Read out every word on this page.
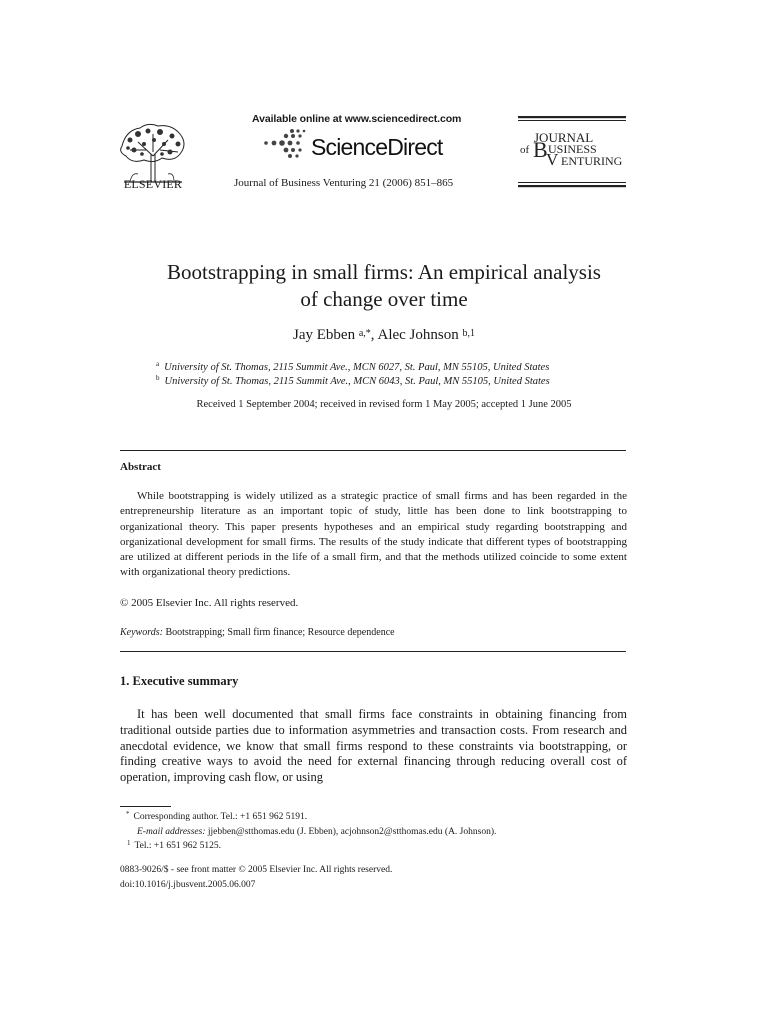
ELSEVIER
Available online at www.sciencedirect.com
ScienceDirect
Journal of Business Venturing 21 (2006) 851–865
JOURNAL
of B USINESS
V ENTURING
Bootstrapping in small firms: An empirical analysis
of change over time
Jay Ebben $^{a,*}$, Alec Johnson $^{b,1}$
$^a$ University of St. Thomas, 2115 Summit Ave., MCN 6027, St. Paul, MN 55105, United States
$^b$ University of St. Thomas, 2115 Summit Ave., MCN 6043, St. Paul, MN 55105, United States
Received 1 September 2004; received in revised form 1 May 2005; accepted 1 June 2005
Abstract

While bootstrapping is widely utilized as a strategic practice of small firms and has been regarded in the entrepreneurship literature as an important topic of study, little has been done to link bootstrapping to organizational theory. This paper presents hypotheses and an empirical study regarding bootstrapping and organizational development for small firms. The results of the study indicate that different types of bootstrapping are utilized at different periods in the life of a small firm, and that the methods utilized coincide to some extent with organizational theory predictions.

© 2005 Elsevier Inc. All rights reserved.
Keywords: Bootstrapping; Small firm finance; Resource dependence
1. Executive summary

It has been well documented that small firms face constraints in obtaining financing from traditional outside parties due to information asymmetries and transaction costs. From research and anecdotal evidence, we know that small firms respond to these constraints via bootstrapping, or finding creative ways to avoid the need for external financing through reducing overall cost of operation, improving cash flow, or using

* Corresponding author. Tel.: +1 651 962 5191.
E-mail addresses: jjebben@stthomas.edu (J. Ebben), acjohnson2@stthomas.edu (A. Johnson).
$^1$ Tel.: +1 651 962 5125.
0883-9026/$ - see front matter © 2005 Elsevier Inc. All rights reserved.
doi:10.1016/j.jbusvent.2005.06.007
